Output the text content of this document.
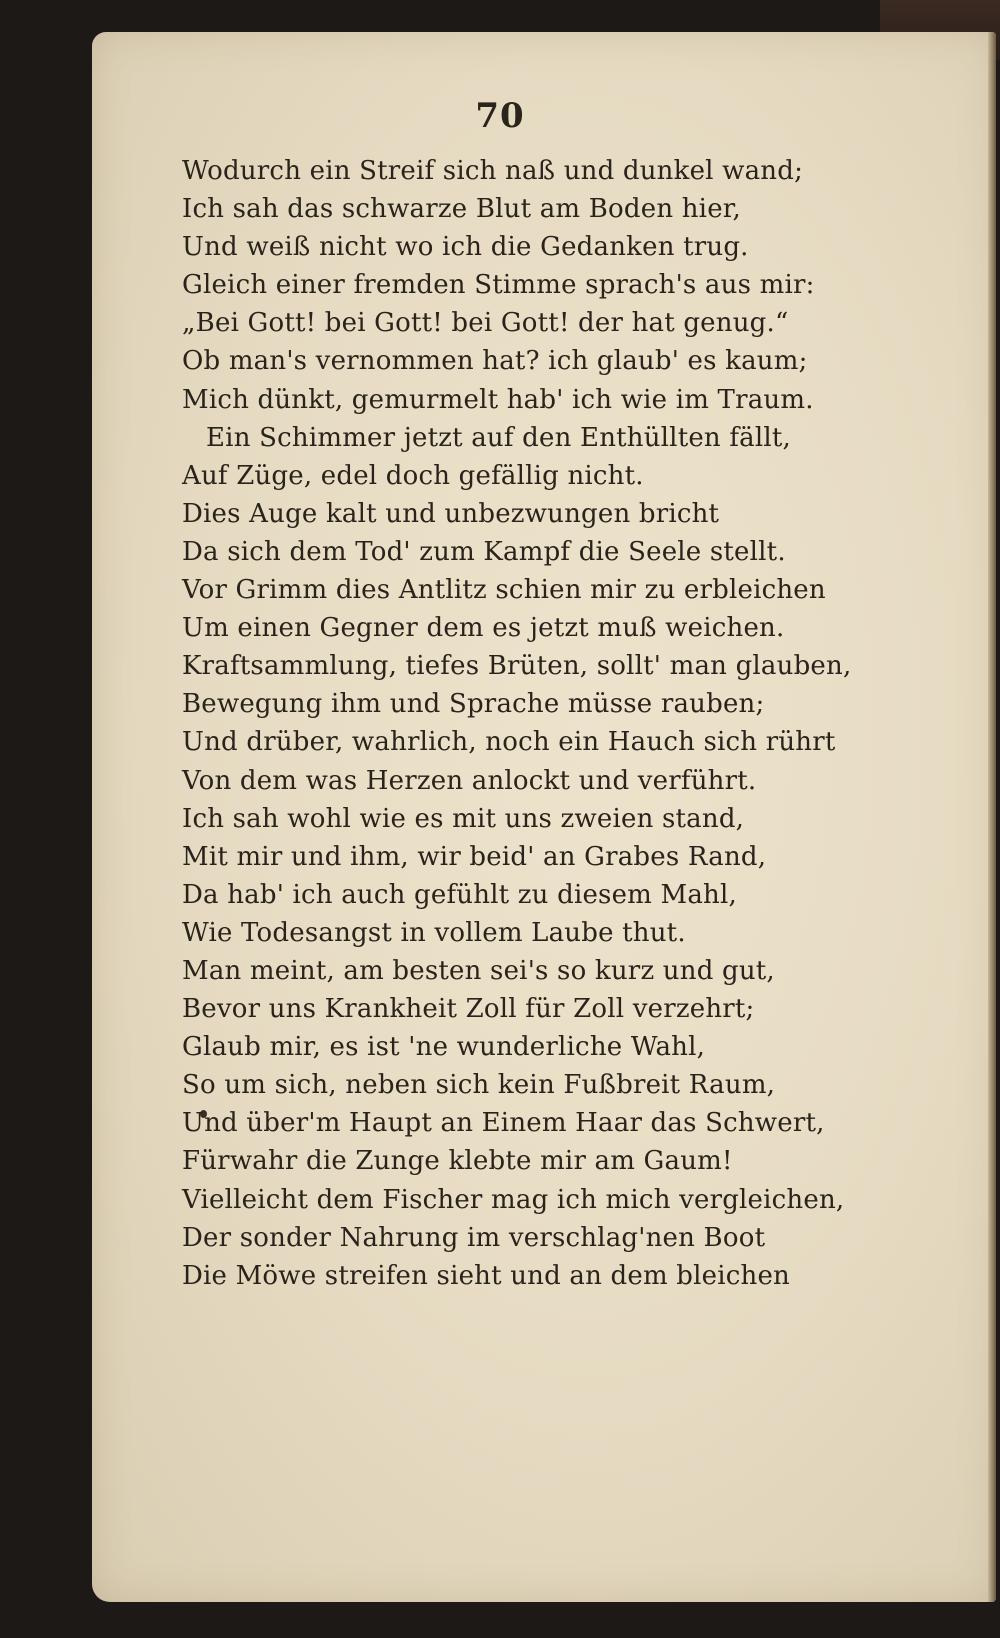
70
Wodurch ein Streif sich naß und dunkel wand;
Ich sah das schwarze Blut am Boden hier,
Und weiß nicht wo ich die Gedanken trug.
Gleich einer fremden Stimme sprach's aus mir:
„Bei Gott! bei Gott! bei Gott! der hat genug.“
Ob man's vernommen hat? ich glaub' es kaum;
Mich dünkt, gemurmelt hab' ich wie im Traum.
Ein Schimmer jetzt auf den Enthüllten fällt,
Auf Züge, edel doch gefällig nicht.
Dies Auge kalt und unbezwungen bricht
Da sich dem Tod' zum Kampf die Seele stellt.
Vor Grimm dies Antlitz schien mir zu erbleichen
Um einen Gegner dem es jetzt muß weichen.
Kraftsammlung, tiefes Brüten, sollt' man glauben,
Bewegung ihm und Sprache müsse rauben;
Und drüber, wahrlich, noch ein Hauch sich rührt
Von dem was Herzen anlockt und verführt.
Ich sah wohl wie es mit uns zweien stand,
Mit mir und ihm, wir beid' an Grabes Rand,
Da hab' ich auch gefühlt zu diesem Mahl,
Wie Todesangst in vollem Laube thut.
Man meint, am besten sei's so kurz und gut,
Bevor uns Krankheit Zoll für Zoll verzehrt;
Glaub mir, es ist 'ne wunderliche Wahl,
So um sich, neben sich kein Fußbreit Raum,
Und über'm Haupt an Einem Haar das Schwert,
Fürwahr die Zunge klebte mir am Gaum!
Vielleicht dem Fischer mag ich mich vergleichen,
Der sonder Nahrung im verschlag'nen Boot
Die Möwe streifen sieht und an dem bleichen
